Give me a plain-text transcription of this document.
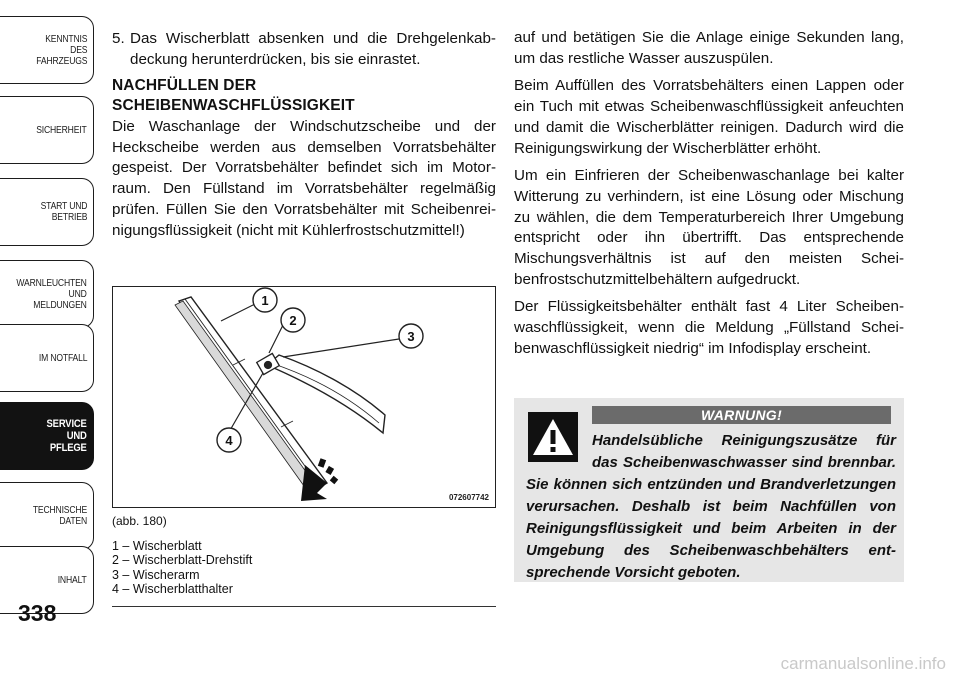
KENNTNIS
DES
FAHRZEUGS
SICHERHEIT
START UND
BETRIEB
WARNLEUCHTEN
UND
MELDUNGEN
IM NOTFALL
SERVICE
UND
PFLEGE
TECHNISCHE
DATEN
INHALT
338
5. Das Wischerblatt absenken und die Drehgelenkab-deckung herunterdrücken, bis sie einrastet.
NACHFÜLLEN DER
SCHEIBENWASCHFLÜSSIGKEIT

Die Waschanlage der Windschutzscheibe und der Heckscheibe werden aus demselben Vorratsbehälter gespeist. Der Vorratsbehälter befindet sich im Motorraum. Den Füllstand im Vorratsbehälter regelmäßig prüfen. Füllen Sie den Vorratsbehälter mit Scheibenreinigungsflüssigkeit (nicht mit Kühlerfrostschutzmittel!)

1
2
3
4
072607742
(abb. 180)
1 – Wischerblatt
2 – Wischerblatt-Drehstift
3 – Wischerarm
4 – Wischerblatthalter

auf und betätigen Sie die Anlage einige Sekunden lang, um das restliche Wasser auszuspülen.

Beim Auffüllen des Vorratsbehälters einen Lappen oder ein Tuch mit etwas Scheibenwaschflüssigkeit anfeuchten und damit die Wischerblätter reinigen. Dadurch wird die Reinigungswirkung der Wischerblätter erhöht.

Um ein Einfrieren der Scheibenwaschanlage bei kalter Witterung zu verhindern, ist eine Lösung oder Mischung zu wählen, die dem Temperaturbereich Ihrer Umgebung entspricht oder ihn übertrifft. Das entsprechende Mischungsverhältnis ist auf den meisten Scheibenfrostschutzmittelbehältern aufgedruckt.

Der Flüssigkeitsbehälter enthält fast 4 Liter Scheibenwaschflüssigkeit, wenn die Meldung „Füllstand Scheibenwaschflüssigkeit niedrig“ im Infodisplay erscheint.

WARNUNG!
Handelsübliche Reinigungszusätze für das Scheibenwaschwasser sind brennbar. Sie können sich entzünden und Brandverletzungen verursachen. Deshalb ist beim Nachfüllen von Reinigungsflüssigkeit und beim Arbeiten in der Umgebung des Scheibenwaschbehälters entsprechende Vorsicht geboten.
carmanualsonline.info
